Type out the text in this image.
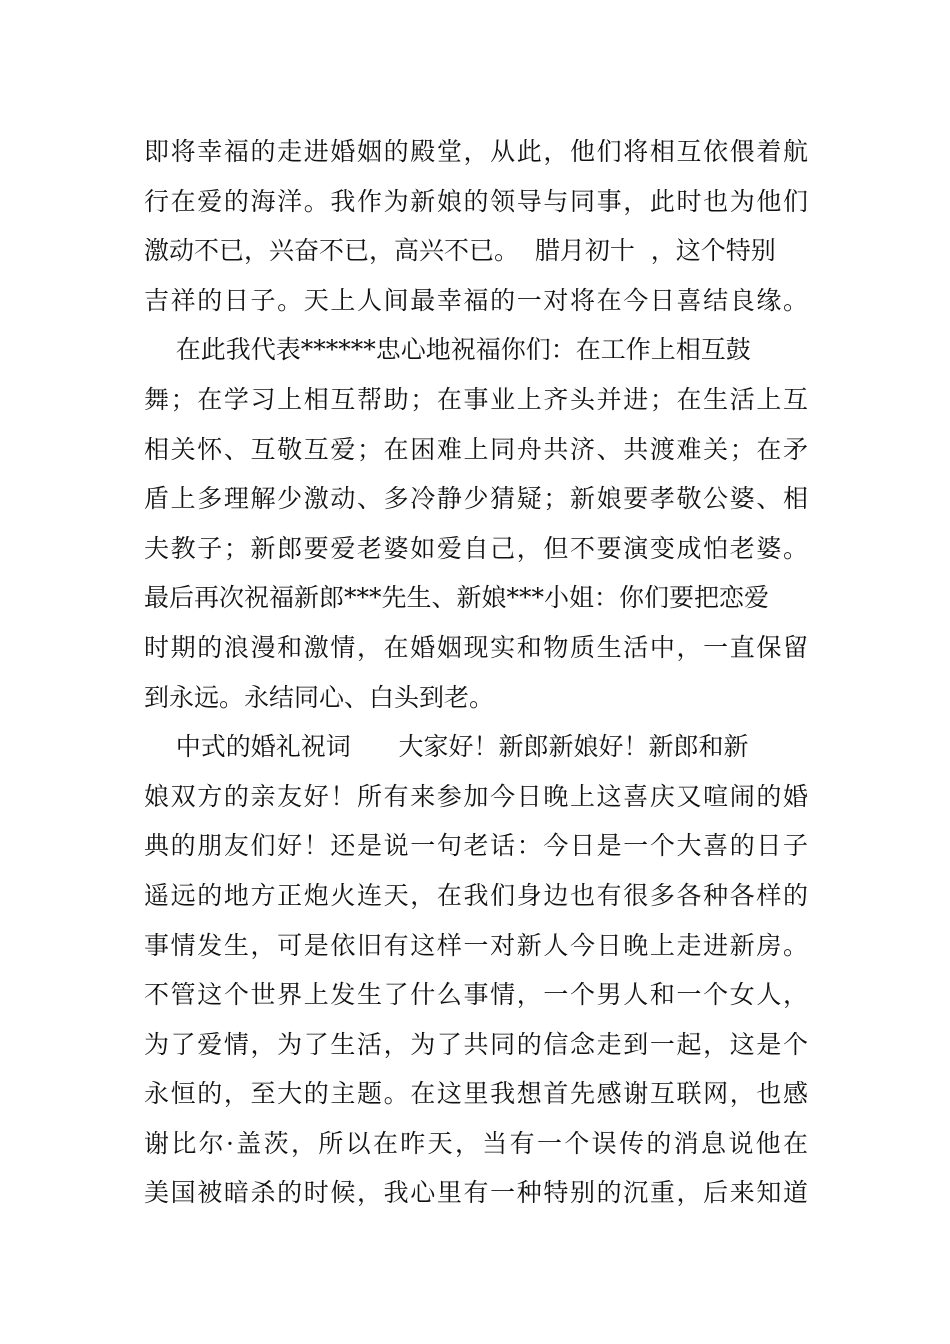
即将幸福的走进婚姻的殿堂，从此，他们将相互依偎着航
行在爱的海洋。我作为新娘的领导与同事，此时也为他们
激动不已，兴奋不已，高兴不已。  腊月初十  ，这个特别
吉祥的日子。天上人间最幸福的一对将在今日喜结良缘。
在此我代表******忠心地祝福你们：在工作上相互鼓
舞；在学习上相互帮助；在事业上齐头并进；在生活上互
相关怀、互敬互爱；在困难上同舟共济、共渡难关；在矛
盾上多理解少激动、多冷静少猜疑；新娘要孝敬公婆、相
夫教子；新郎要爱老婆如爱自己，但不要演变成怕老婆。
最后再次祝福新郎***先生、新娘***小姐：你们要把恋爱
时期的浪漫和激情，在婚姻现实和物质生活中，一直保留
到永远。永结同心、白头到老。
中式的婚礼祝词      大家好！新郎新娘好！新郎和新
娘双方的亲友好！所有来参加今日晚上这喜庆又喧闹的婚
典的朋友们好！还是说一句老话：今日是一个大喜的日子
遥远的地方正炮火连天，在我们身边也有很多各种各样的
事情发生，可是依旧有这样一对新人今日晚上走进新房。
不管这个世界上发生了什么事情，一个男人和一个女人，
为了爱情，为了生活，为了共同的信念走到一起，这是个
永恒的，至大的主题。在这里我想首先感谢互联网，也感
谢比尔·盖茨，所以在昨天，当有一个误传的消息说他在
美国被暗杀的时候，我心里有一种特别的沉重，后来知道
